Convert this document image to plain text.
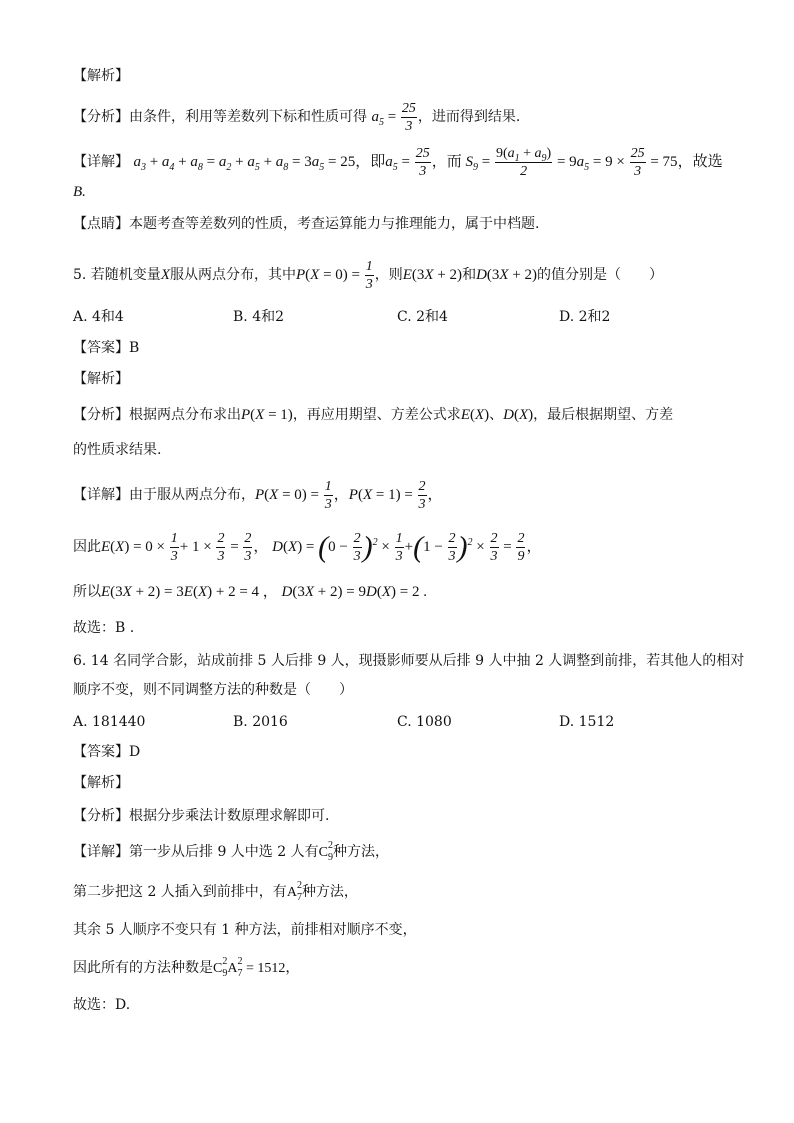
【解析】
【分析】由条件，利用等差数列下标和性质可得 $a_5 = \frac{25}{3}$ ，进而得到结果.
【详解】 $a_3 + a_4 + a_8 = a_2 + a_5 + a_8 = 3a_5 = 25$，即$a_5 = \frac{25}{3}$ ，而 $S_9 = \frac{9(a_1 + a_9)}{2} = 9a_5 = 9 \times \frac{25}{3} = 75$，故选
B.
【点睛】本题考查等差数列的性质，考查运算能力与推理能力，属于中档题.
5. 若随机变量X服从两点分布，其中$P(X = 0) = \frac{1}{3}$ ，则E(3X + 2)和D(3X + 2)的值分别是（　　）
A. 4和4	B. 4和2	C. 2和4	D. 2和2
【答案】B
【解析】
【分析】根据两点分布求出P(X = 1)，再应用期望、方差公式求E(X)、D(X)，最后根据期望、方差
的性质求结果.
【详解】由于服从两点分布，$P(X = 0) = \frac{1}{3}$ ，$P(X = 1) = \frac{2}{3}$ ，
因此$E(X) = 0 \times \frac{1}{3} + 1 \times \frac{2}{3} = \frac{2}{3}$ ， $D(X) = (0 - \frac{2}{3} )^2 \times \frac{1}{3} +(1 - \frac{2}{3} )^2 \times \frac{2}{3} = \frac{2}{9}$ ，
所以E(3X + 2) = 3E(X) + 2 = 4 ， D(3X + 2) = 9D(X) = 2 .
故选：B .
6. 14 名同学合影，站成前排 5 人后排 9 人，现摄影师要从后排 9 人中抽 2 人调整到前排，若其他人的相对
顺序不变，则不同调整方法的种数是（　　）
A. 181440	B. 2016	C. 1080	D. 1512
【答案】D
【解析】
【分析】根据分步乘法计数原理求解即可.
【详解】第一步从后排 9 人中选 2 人有$C^2_9$种方法，
第二步把这 2 人插入到前排中，有$A^2_7$种方法，
其余 5 人顺序不变只有 1 种方法，前排相对顺序不变，
因此所有的方法种数是$C^2_9A^2_7 = 1512$，
故选：D.
